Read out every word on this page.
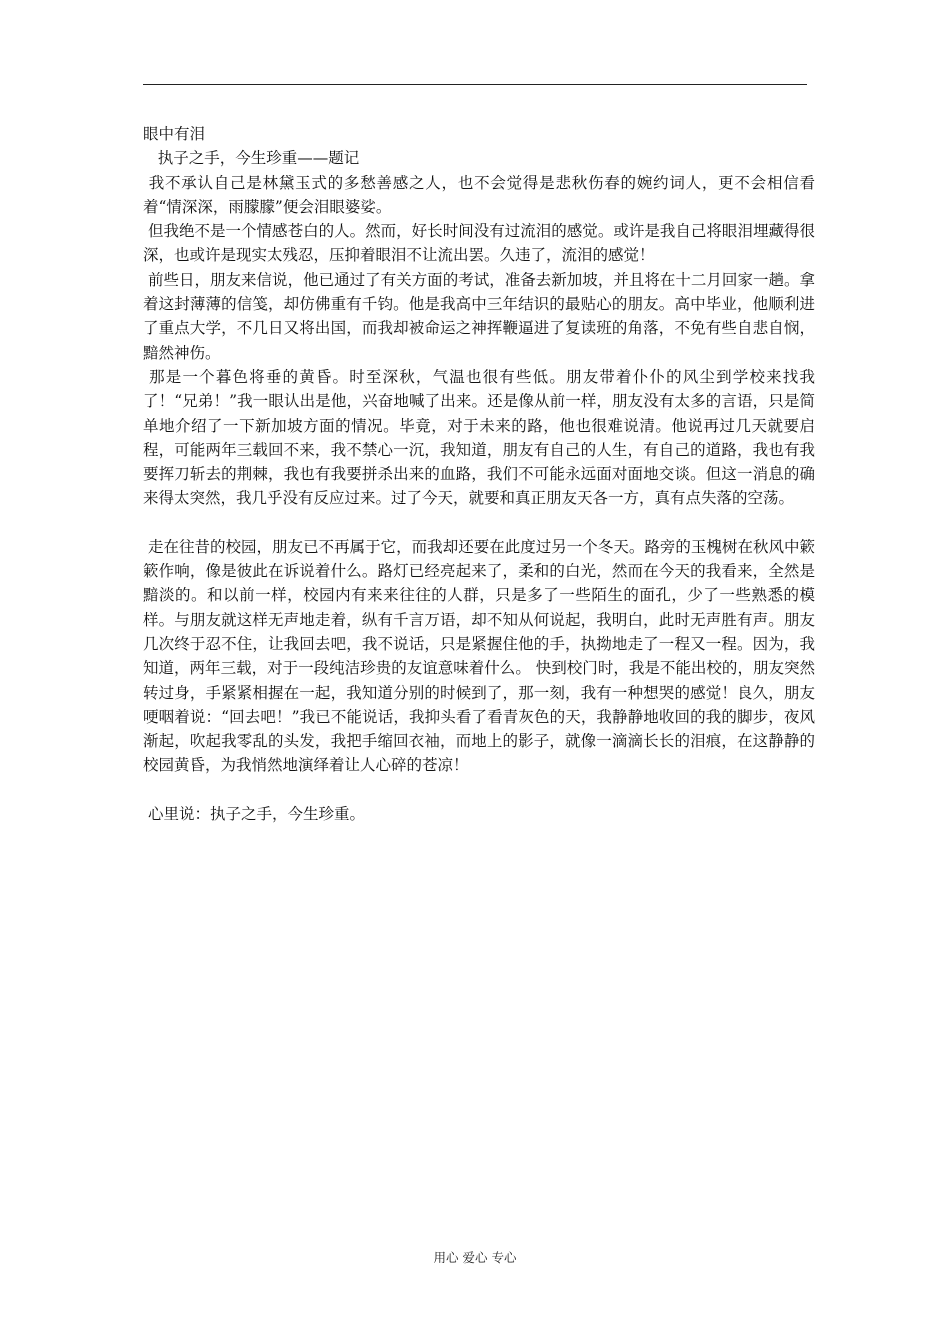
眼中有泪

执子之手，今生珍重——题记

我不承认自己是林黛玉式的多愁善感之人，也不会觉得是悲秋伤春的婉约词人，更不会相信看着“情深深，雨朦朦”便会泪眼婆娑。

但我绝不是一个情感苍白的人。然而，好长时间没有过流泪的感觉。或许是我自己将眼泪埋藏得很深，也或许是现实太残忍，压抑着眼泪不让流出罢。久违了，流泪的感觉！

前些日，朋友来信说，他已通过了有关方面的考试，准备去新加坡，并且将在十二月回家一趟。拿着这封薄薄的信笺，却仿佛重有千钧。他是我高中三年结识的最贴心的朋友。高中毕业，他顺利进了重点大学，不几日又将出国，而我却被命运之神挥鞭逼进了复读班的角落，不免有些自悲自悯，黯然神伤。

那是一个暮色将垂的黄昏。时至深秋，气温也很有些低。朋友带着仆仆的风尘到学校来找我了！“兄弟！”我一眼认出是他，兴奋地喊了出来。还是像从前一样，朋友没有太多的言语，只是简单地介绍了一下新加坡方面的情况。毕竟，对于未来的路，他也很难说清。他说再过几天就要启程，可能两年三载回不来，我不禁心一沉，我知道，朋友有自己的人生，有自己的道路，我也有我要挥刀斩去的荆棘，我也有我要拼杀出来的血路，我们不可能永远面对面地交谈。但这一消息的确来得太突然，我几乎没有反应过来。过了今天，就要和真正朋友天各一方，真有点失落的空荡。

走在往昔的校园，朋友已不再属于它，而我却还要在此度过另一个冬天。路旁的玉槐树在秋风中簌簌作响，像是彼此在诉说着什么。路灯已经亮起来了，柔和的白光，然而在今天的我看来，全然是黯淡的。和以前一样，校园内有来来往往的人群，只是多了一些陌生的面孔，少了一些熟悉的模样。与朋友就这样无声地走着，纵有千言万语，却不知从何说起，我明白，此时无声胜有声。朋友几次终于忍不住，让我回去吧，我不说话，只是紧握住他的手，执拗地走了一程又一程。因为，我知道，两年三载，对于一段纯洁珍贵的友谊意味着什么。 快到校门时，我是不能出校的，朋友突然转过身，手紧紧相握在一起，我知道分别的时候到了，那一刻，我有一种想哭的感觉！良久，朋友哽咽着说：“回去吧！”我已不能说话，我抑头看了看青灰色的天，我静静地收回的我的脚步，夜风渐起，吹起我零乱的头发，我把手缩回衣袖，而地上的影子，就像一滴滴长长的泪痕，在这静静的校园黄昏，为我悄然地演绎着让人心碎的苍凉！

心里说：执子之手，今生珍重。

用心 爱心 专心
